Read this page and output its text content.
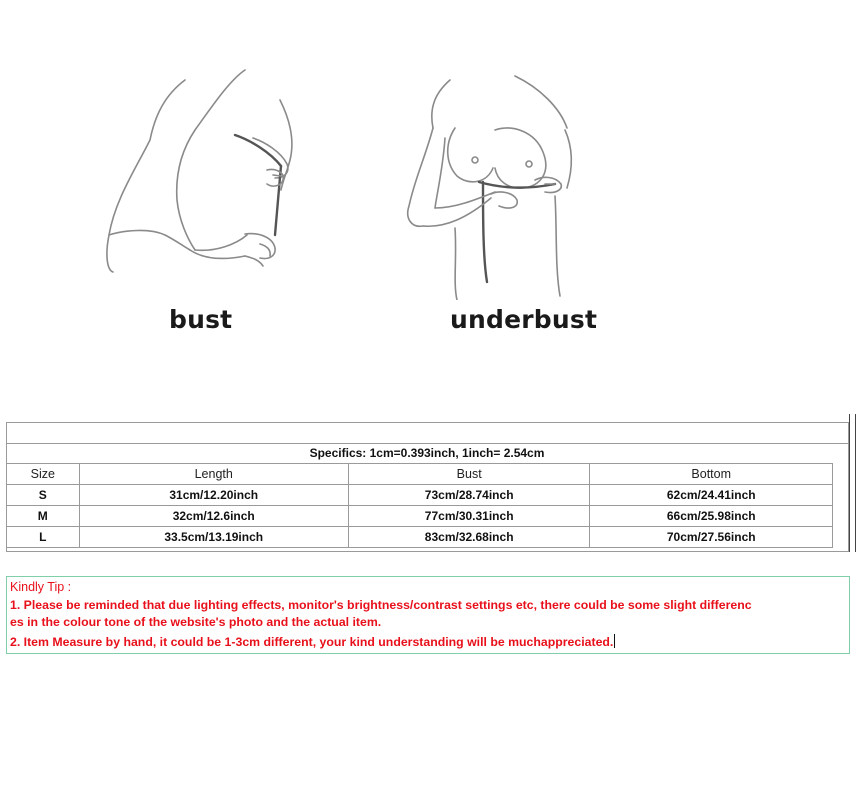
bust	underbust
Specifics: 1cm=0.393inch, 1inch= 2.54cm
Size	Length	Bust	Bottom
S	31cm/12.20inch	73cm/28.74inch	62cm/24.41inch
M	32cm/12.6inch	77cm/30.31inch	66cm/25.98inch
L	33.5cm/13.19inch	83cm/32.68inch	70cm/27.56inch
Kindly Tip :
1. Please be reminded that due lighting effects, monitor's brightness/contrast settings etc, there could be some slight differenc
es in the colour tone of the website's photo and the actual item.
2. Item Measure by hand, it could be 1-3cm different, your kind understanding will be muchappreciated.
